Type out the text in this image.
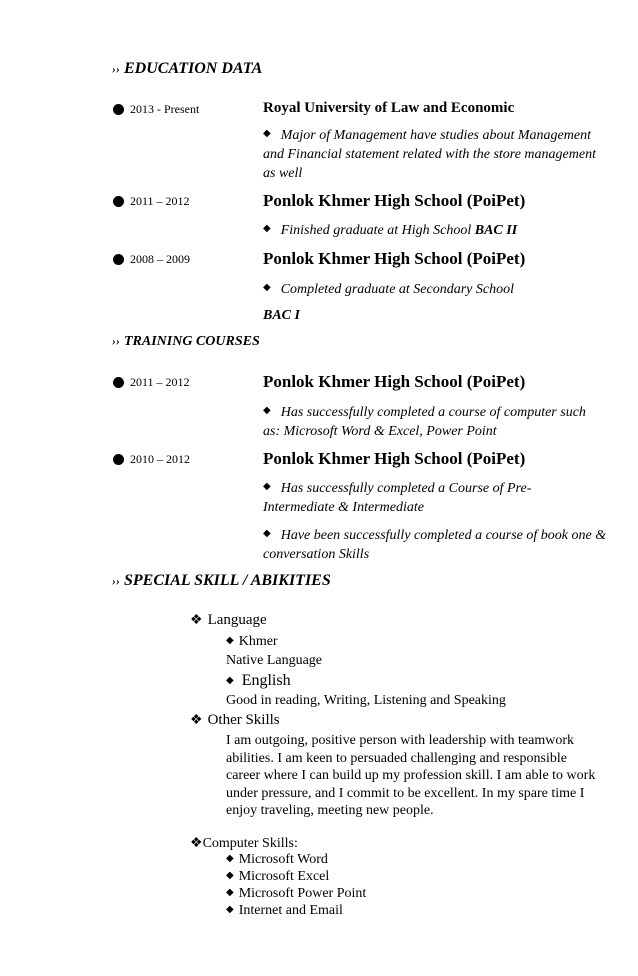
›› EDUCATION DATA
2013 - Present	Royal University of Law and Economic
◆ Major of Management have studies about Management and Financial statement related with the store management as well
2011 – 2012	Ponlok Khmer High School (PoiPet)
◆ Finished graduate at High School BAC II
2008 – 2009	Ponlok Khmer High School (PoiPet)
◆ Completed graduate at Secondary School
BAC I
›› TRAINING COURSES
2011 – 2012	Ponlok Khmer High School (PoiPet)
◆ Has successfully completed a course of computer such as: Microsoft Word & Excel, Power Point
2010 – 2012	Ponlok Khmer High School (PoiPet)
◆ Has successfully completed a Course of Pre-Intermediate & Intermediate
◆ Have been successfully completed a course of book one & conversation Skills
›› SPECIAL SKILL / ABIKITIES
❖ Language
◆ Khmer
Native Language
◆ English
Good in reading, Writing, Listening and Speaking
❖ Other Skills
I am outgoing, positive person with leadership with teamwork abilities. I am keen to persuaded challenging and responsible career where I can build up my profession skill. I am able to work under pressure, and I commit to be excellent. In my spare time I enjoy traveling, meeting new people.
❖Computer Skills:
◆ Microsoft Word
◆ Microsoft Excel
◆ Microsoft Power Point
◆ Internet and Email
